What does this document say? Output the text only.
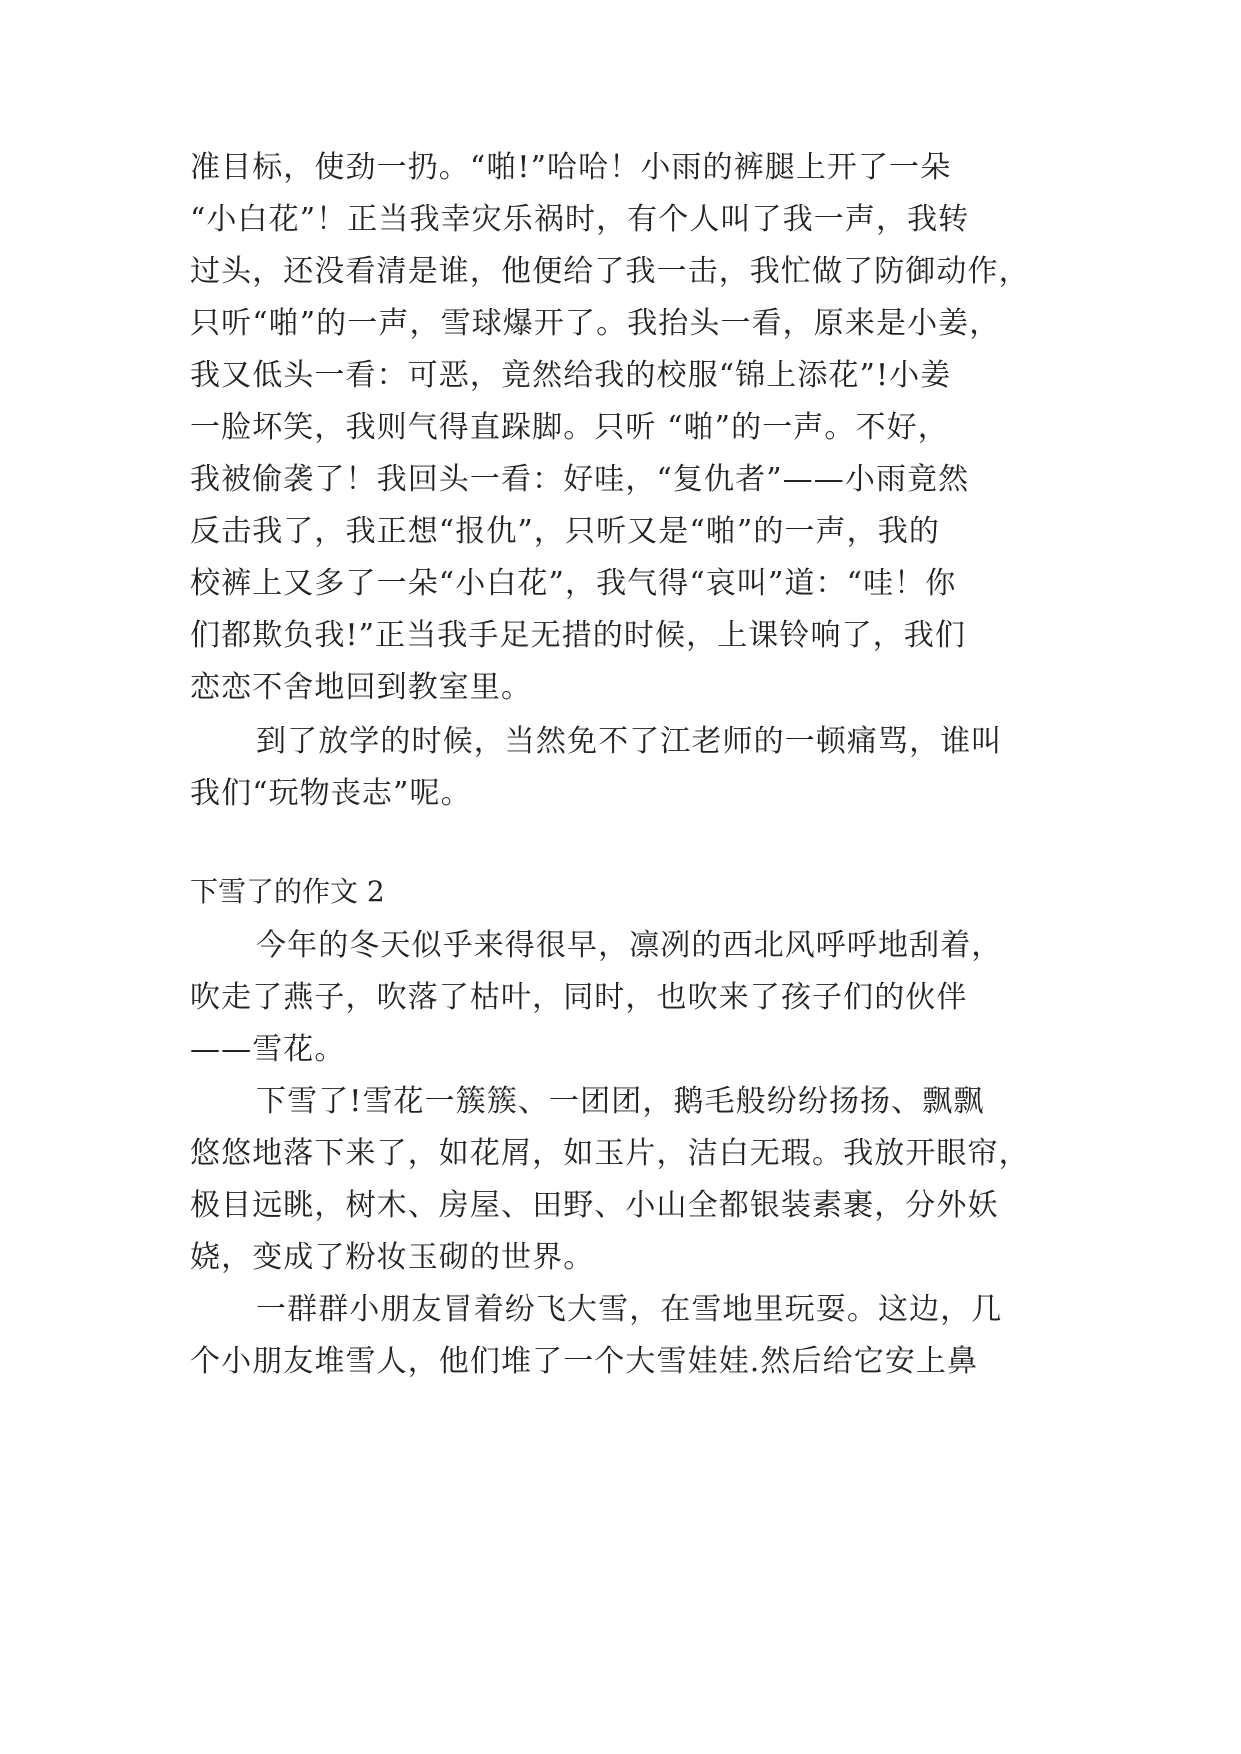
准目标，使劲一扔。“啪!”哈哈！小雨的裤腿上开了一朵
“小白花”！正当我幸灾乐祸时，有个人叫了我一声，我转
过头，还没看清是谁，他便给了我一击，我忙做了防御动作，
只听“啪”的一声，雪球爆开了。我抬头一看，原来是小姜，
我又低头一看：可恶，竟然给我的校服“锦上添花”!小姜
一脸坏笑，我则气得直跺脚。只听 “啪”的一声。不好，
我被偷袭了！我回头一看：好哇，“复仇者”——小雨竟然
反击我了，我正想“报仇”，只听又是“啪”的一声，我的
校裤上又多了一朵“小白花”，我气得“哀叫”道：“哇！你
们都欺负我!”正当我手足无措的时候，上课铃响了，我们
恋恋不舍地回到教室里。
到了放学的时候，当然免不了江老师的一顿痛骂，谁叫
我们“玩物丧志”呢。
下雪了的作文 2
今年的冬天似乎来得很早，凛冽的西北风呼呼地刮着，
吹走了燕子，吹落了枯叶，同时，也吹来了孩子们的伙伴
——雪花。
下雪了!雪花一簇簇、一团团，鹅毛般纷纷扬扬、飘飘
悠悠地落下来了，如花屑，如玉片，洁白无瑕。我放开眼帘，
极目远眺，树木、房屋、田野、小山全都银装素裹，分外妖
娆，变成了粉妆玉砌的世界。
一群群小朋友冒着纷飞大雪，在雪地里玩耍。这边，几
个小朋友堆雪人，他们堆了一个大雪娃娃.然后给它安上鼻
